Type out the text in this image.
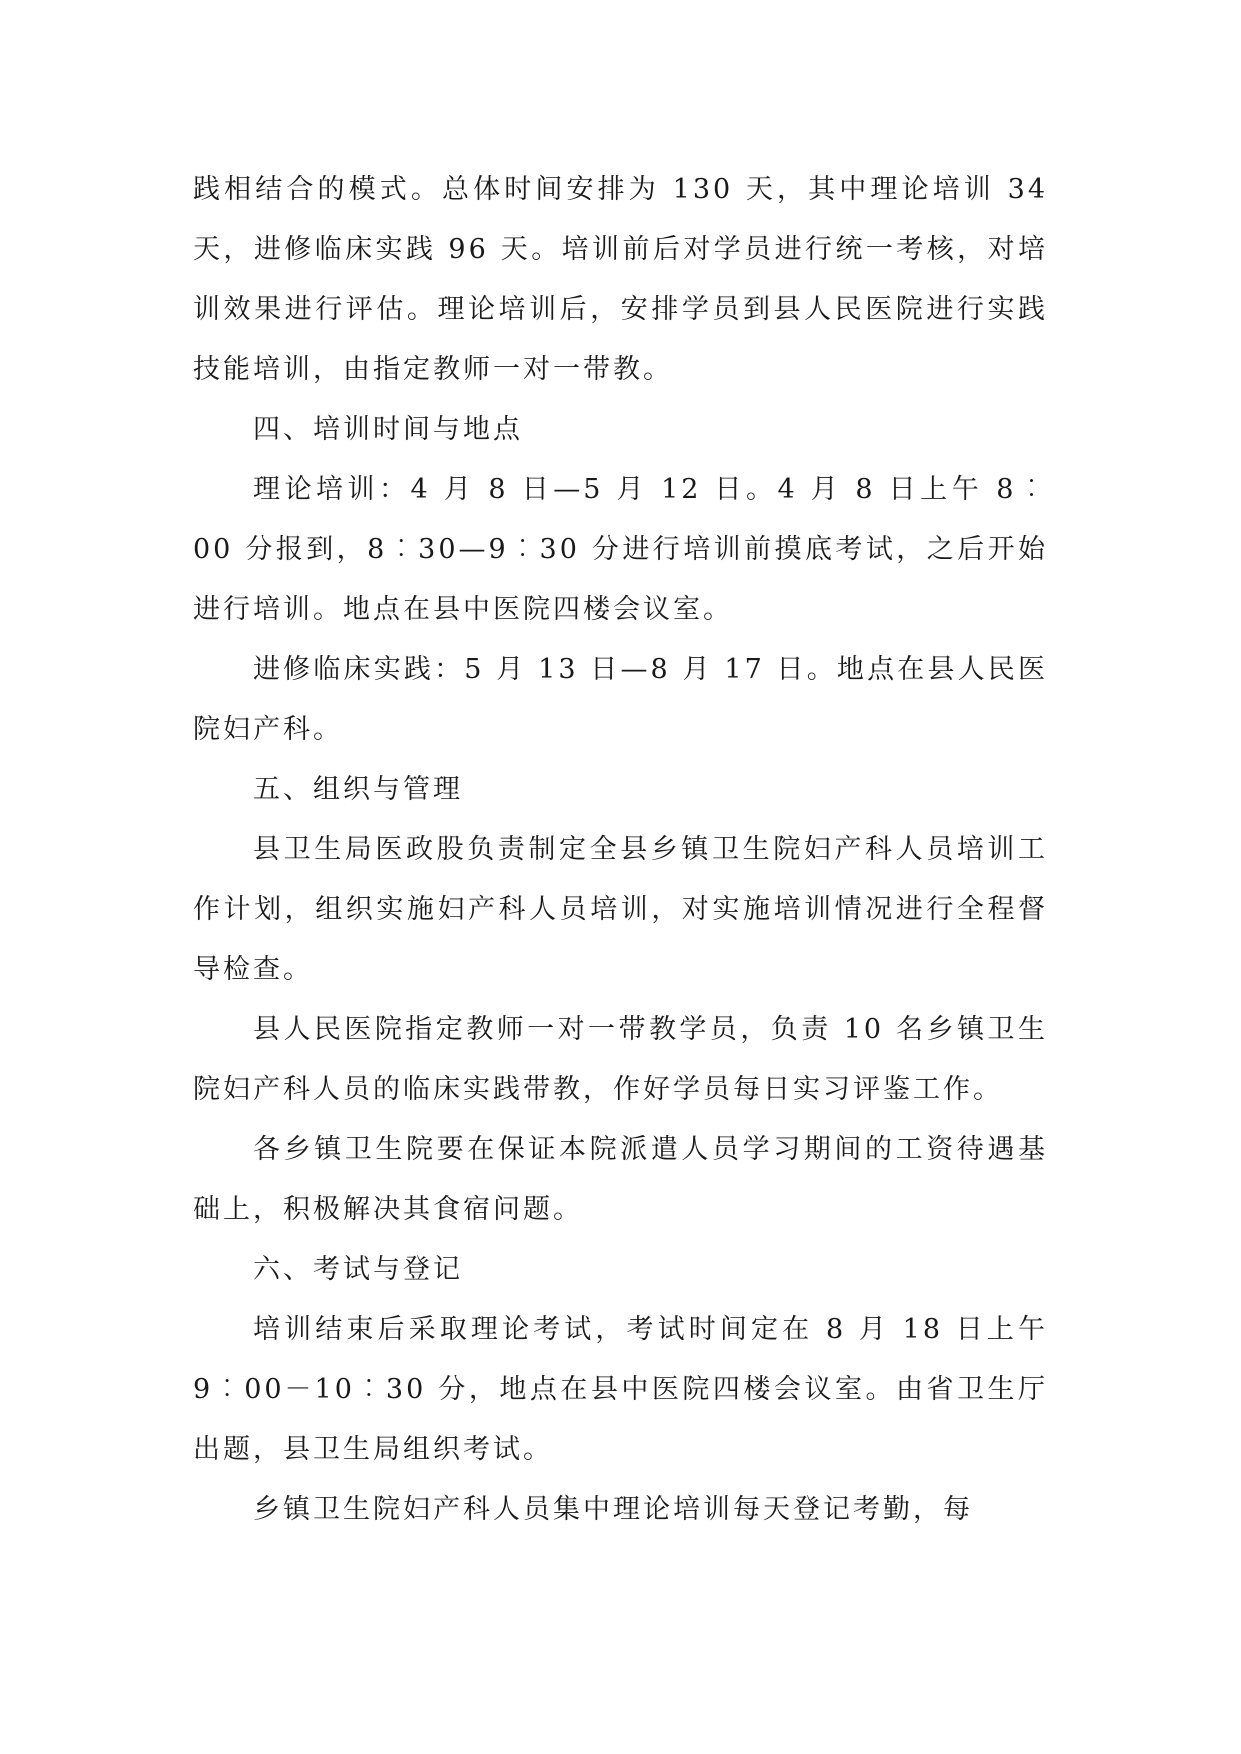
践相结合的模式。总体时间安排为 130 天，其中理论培训 34 天，进修临床实践 96 天。培训前后对学员进行统一考核，对培训效果进行评估。理论培训后，安排学员到县人民医院进行实践技能培训，由指定教师一对一带教。

四、培训时间与地点

理论培训：4 月 8 日—5 月 12 日。4 月 8 日上午 8︰00 分报到，8︰30—9︰30 分进行培训前摸底考试，之后开始进行培训。地点在县中医院四楼会议室。

进修临床实践：5 月 13 日—8 月 17 日。地点在县人民医院妇产科。

五、组织与管理

县卫生局医政股负责制定全县乡镇卫生院妇产科人员培训工作计划，组织实施妇产科人员培训，对实施培训情况进行全程督导检查。

县人民医院指定教师一对一带教学员，负责 10 名乡镇卫生院妇产科人员的临床实践带教，作好学员每日实习评鉴工作。

各乡镇卫生院要在保证本院派遣人员学习期间的工资待遇基础上，积极解决其食宿问题。

六、考试与登记

培训结束后采取理论考试，考试时间定在 8 月 18 日上午 9︰00－10︰30 分，地点在县中医院四楼会议室。由省卫生厅出题，县卫生局组织考试。

乡镇卫生院妇产科人员集中理论培训每天登记考勤，每
